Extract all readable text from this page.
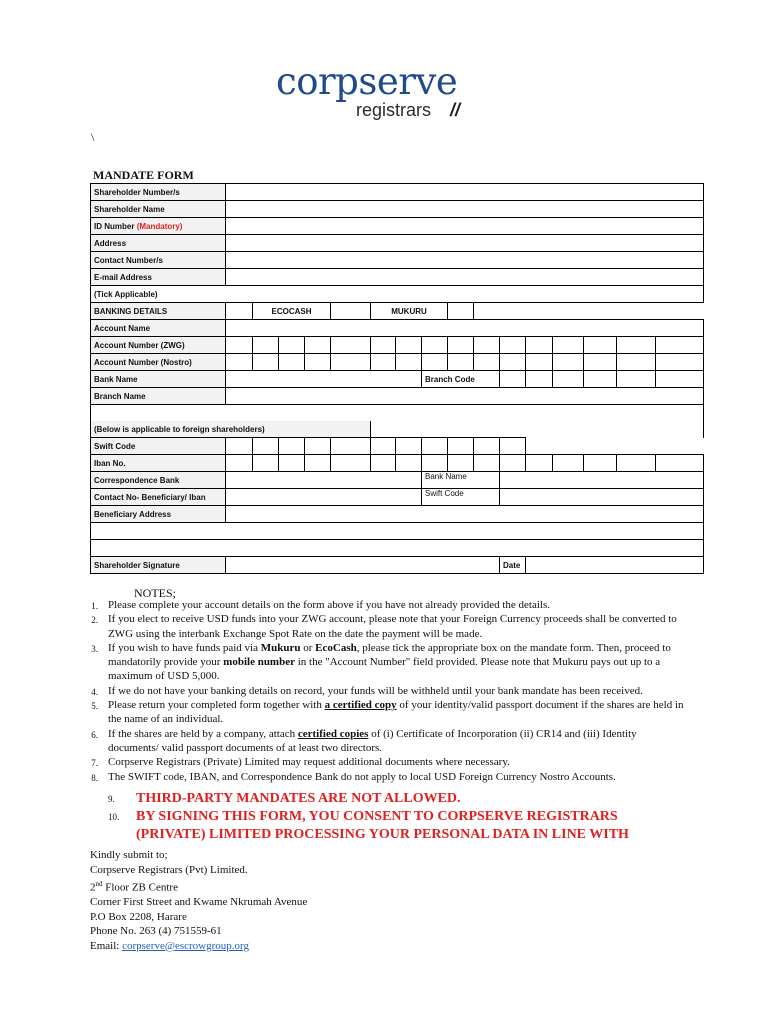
corpserve
registrars //
\
MANDATE FORM
Shareholder Number/s																
Shareholder Name																
ID Number (Mandatory)																
Address																
Contact Number/s																
E-mail Address																
(Tick Applicable)																
BANKING DETAILS		ECOCASH				MUKURU										
Account Name																
Account Number (ZWG)																
Account Number (Nostro)																
Bank Name								Branch Code								
Branch Name																

(Below is applicable to foreign shareholders)																
Swift Code																
Iban No.																
Correspondence Bank								Bank Name								
Contact No- Beneficiary/ Iban								Swift Code								
Beneficiary Address																

Shareholder Signature											Date					
NOTES;
1. Please complete your account details on the form above if you have not already provided the details.
2. If you elect to receive USD funds into your ZWG account, please note that your Foreign Currency proceeds shall be converted to ZWG using the interbank Exchange Spot Rate on the date the payment will be made.
3. If you wish to have funds paid via Mukuru or EcoCash, please tick the appropriate box on the mandate form. Then, proceed to mandatorily provide your mobile number in the "Account Number" field provided. Please note that Mukuru pays out up to a maximum of USD 5,000.
4. If we do not have your banking details on record, your funds will be withheld until your bank mandate has been received.
5. Please return your completed form together with a certified copy of your identity/valid passport document if the shares are held in the name of an individual.
6. If the shares are held by a company, attach certified copies of (i) Certificate of Incorporation (ii) CR14 and (iii) Identity documents/ valid passport documents of at least two directors.
7. Corpserve Registrars (Private) Limited may request additional documents where necessary.
8. The SWIFT code, IBAN, and Correspondence Bank do not apply to local USD Foreign Currency Nostro Accounts.
9.	THIRD-PARTY MANDATES ARE NOT ALLOWED.
10.	BY SIGNING THIS FORM, YOU CONSENT TO CORPSERVE REGISTRARS (PRIVATE) LIMITED PROCESSING YOUR PERSONAL DATA IN LINE WITH
Kindly submit to;
Corpserve Registrars (Pvt) Limited.
2nd Floor ZB Centre
Corner First Street and Kwame Nkrumah Avenue
P.O Box 2208, Harare
Phone No. 263 (4) 751559-61
Email: corpserve@escrowgroup.org
